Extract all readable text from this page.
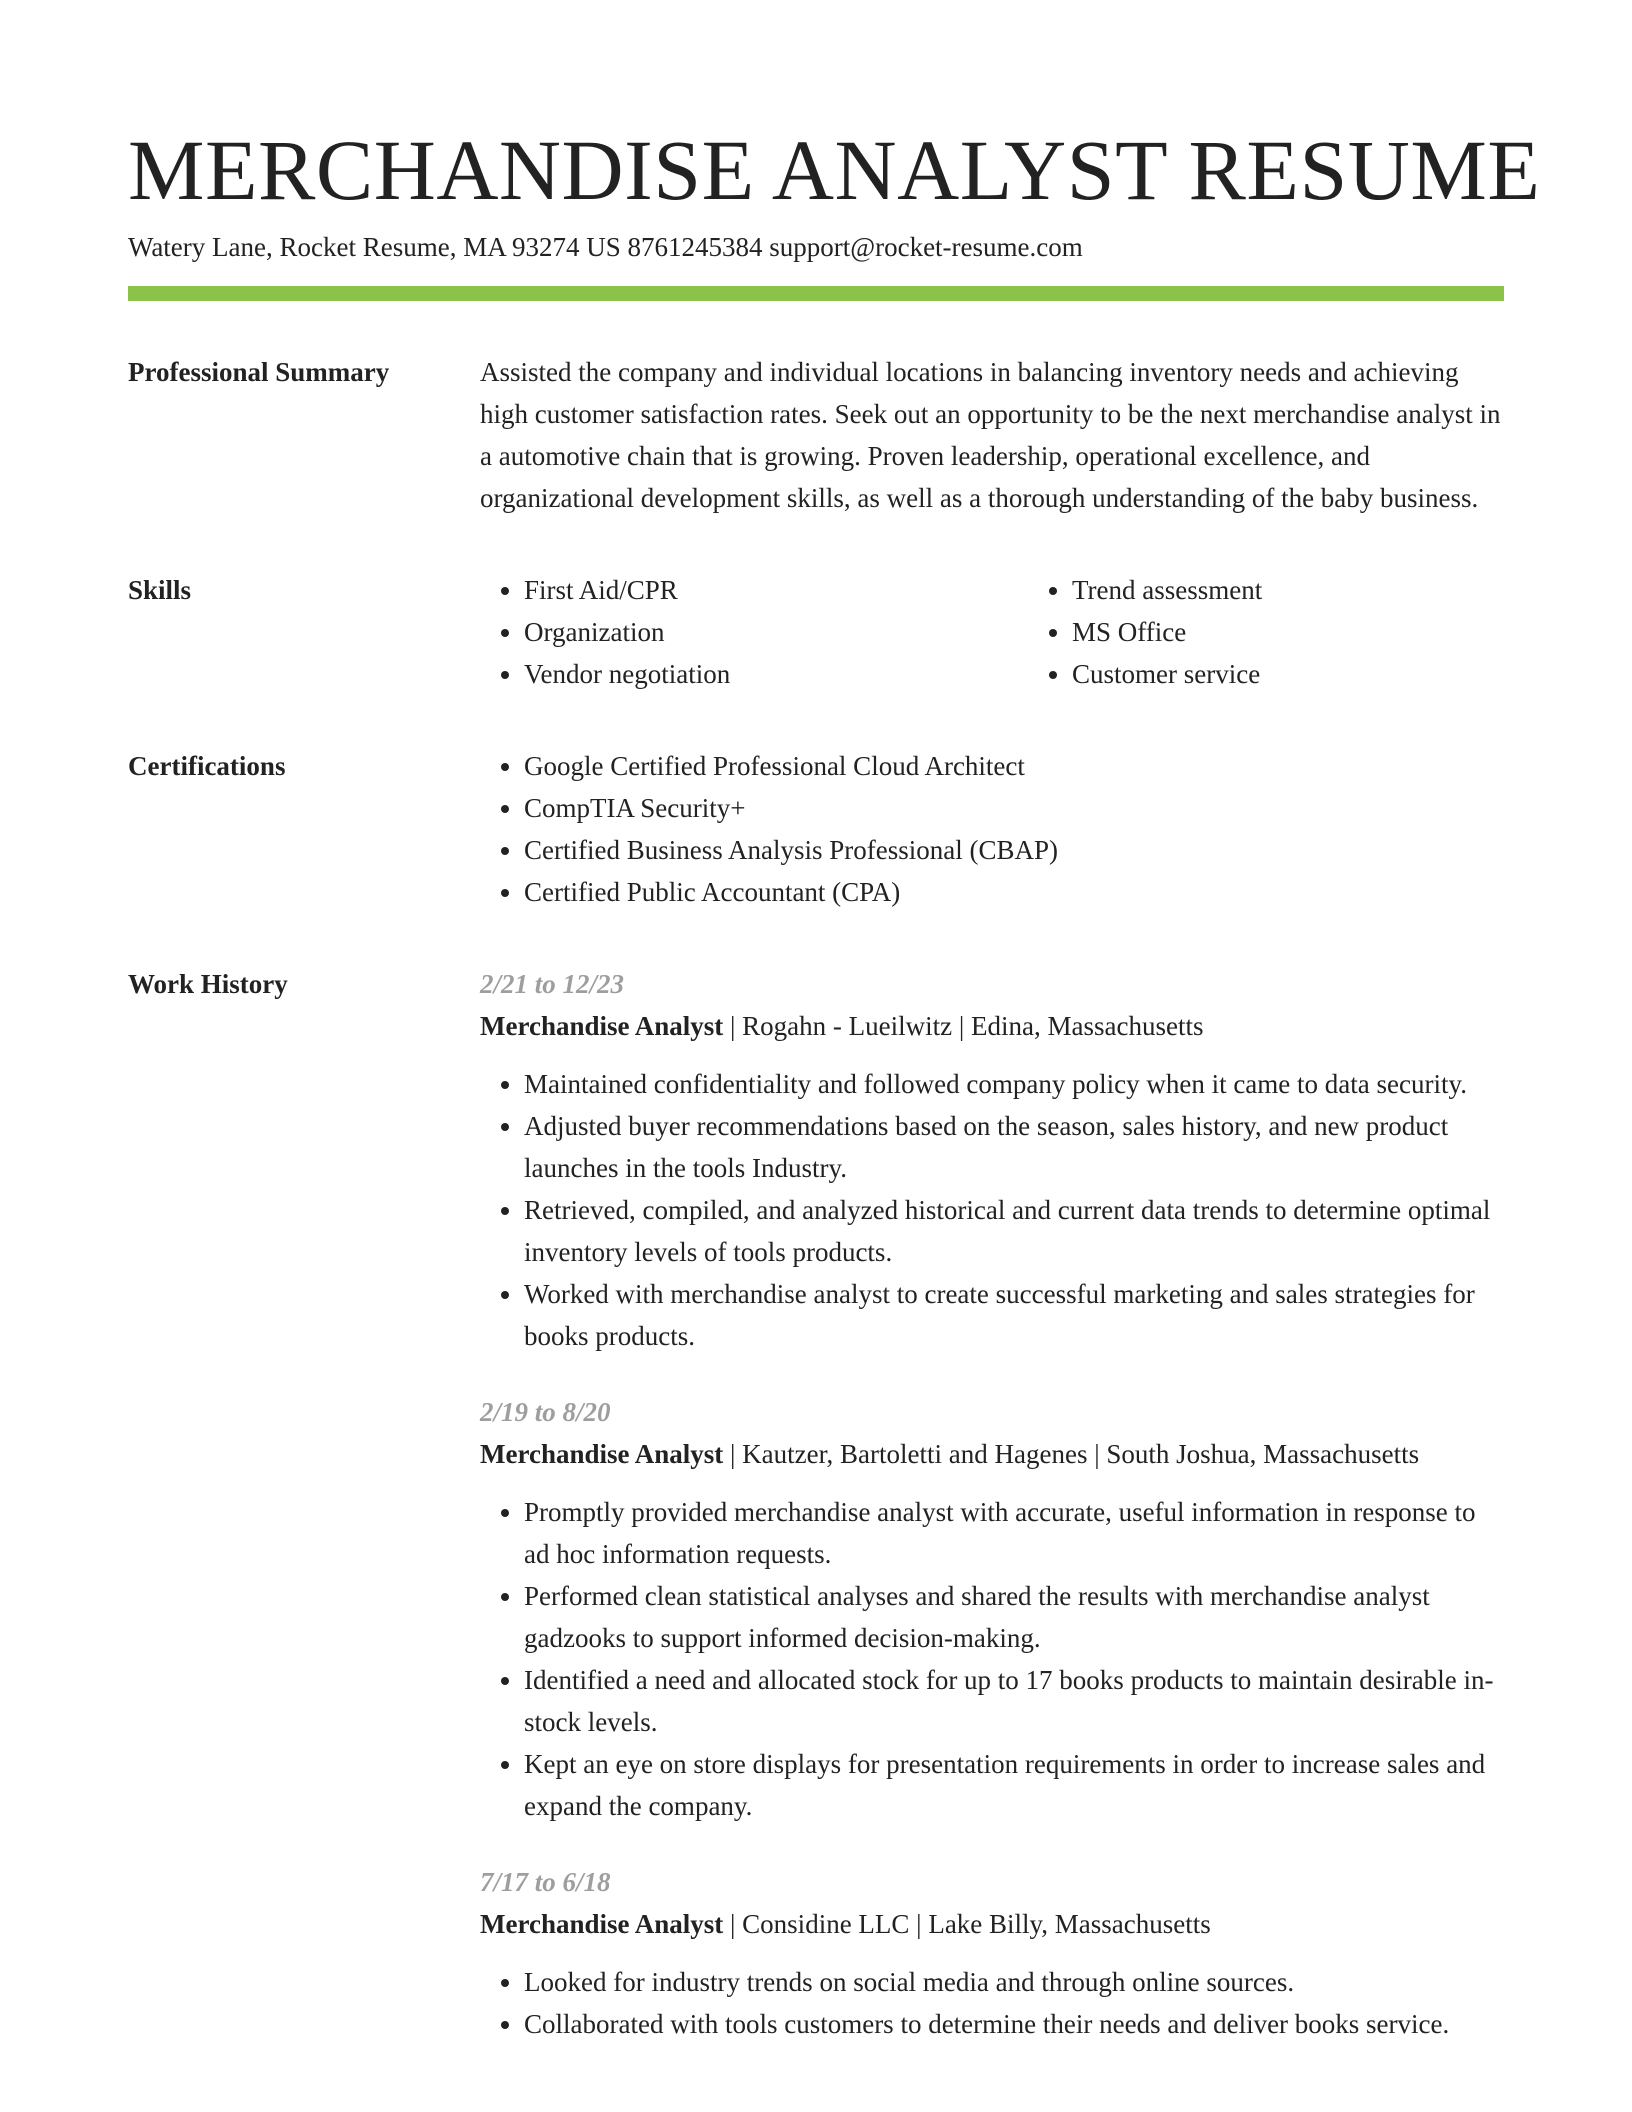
MERCHANDISE ANALYST RESUME
Watery Lane, Rocket Resume, MA 93274 US 8761245384 support@rocket-resume.com
Professional Summary	Assisted the company and individual locations in balancing inventory needs and achieving high customer satisfaction rates. Seek out an opportunity to be the next merchandise analyst in a automotive chain that is growing. Proven leadership, operational excellence, and organizational development skills, as well as a thorough understanding of the baby business.

Skills	• First Aid/CPR
• Organization
• Vendor negotiation
• Trend assessment
• MS Office
• Customer service
Certifications	• Google Certified Professional Cloud Architect
• CompTIA Security+
• Certified Business Analysis Professional (CBAP)
• Certified Public Accountant (CPA)
Work History	2/21 to 12/23
Merchandise Analyst | Rogahn - Lueilwitz | Edina, Massachusetts
• Maintained confidentiality and followed company policy when it came to data security.
• Adjusted buyer recommendations based on the season, sales history, and new product launches in the tools Industry.
• Retrieved, compiled, and analyzed historical and current data trends to determine optimal inventory levels of tools products.
• Worked with merchandise analyst to create successful marketing and sales strategies for books products.
2/19 to 8/20
Merchandise Analyst | Kautzer, Bartoletti and Hagenes | South Joshua, Massachusetts
• Promptly provided merchandise analyst with accurate, useful information in response to ad hoc information requests.
• Performed clean statistical analyses and shared the results with merchandise analyst gadzooks to support informed decision-making.
• Identified a need and allocated stock for up to 17 books products to maintain desirable in-stock levels.
• Kept an eye on store displays for presentation requirements in order to increase sales and expand the company.
7/17 to 6/18
Merchandise Analyst | Considine LLC | Lake Billy, Massachusetts
• Looked for industry trends on social media and through online sources.
• Collaborated with tools customers to determine their needs and deliver books service.
